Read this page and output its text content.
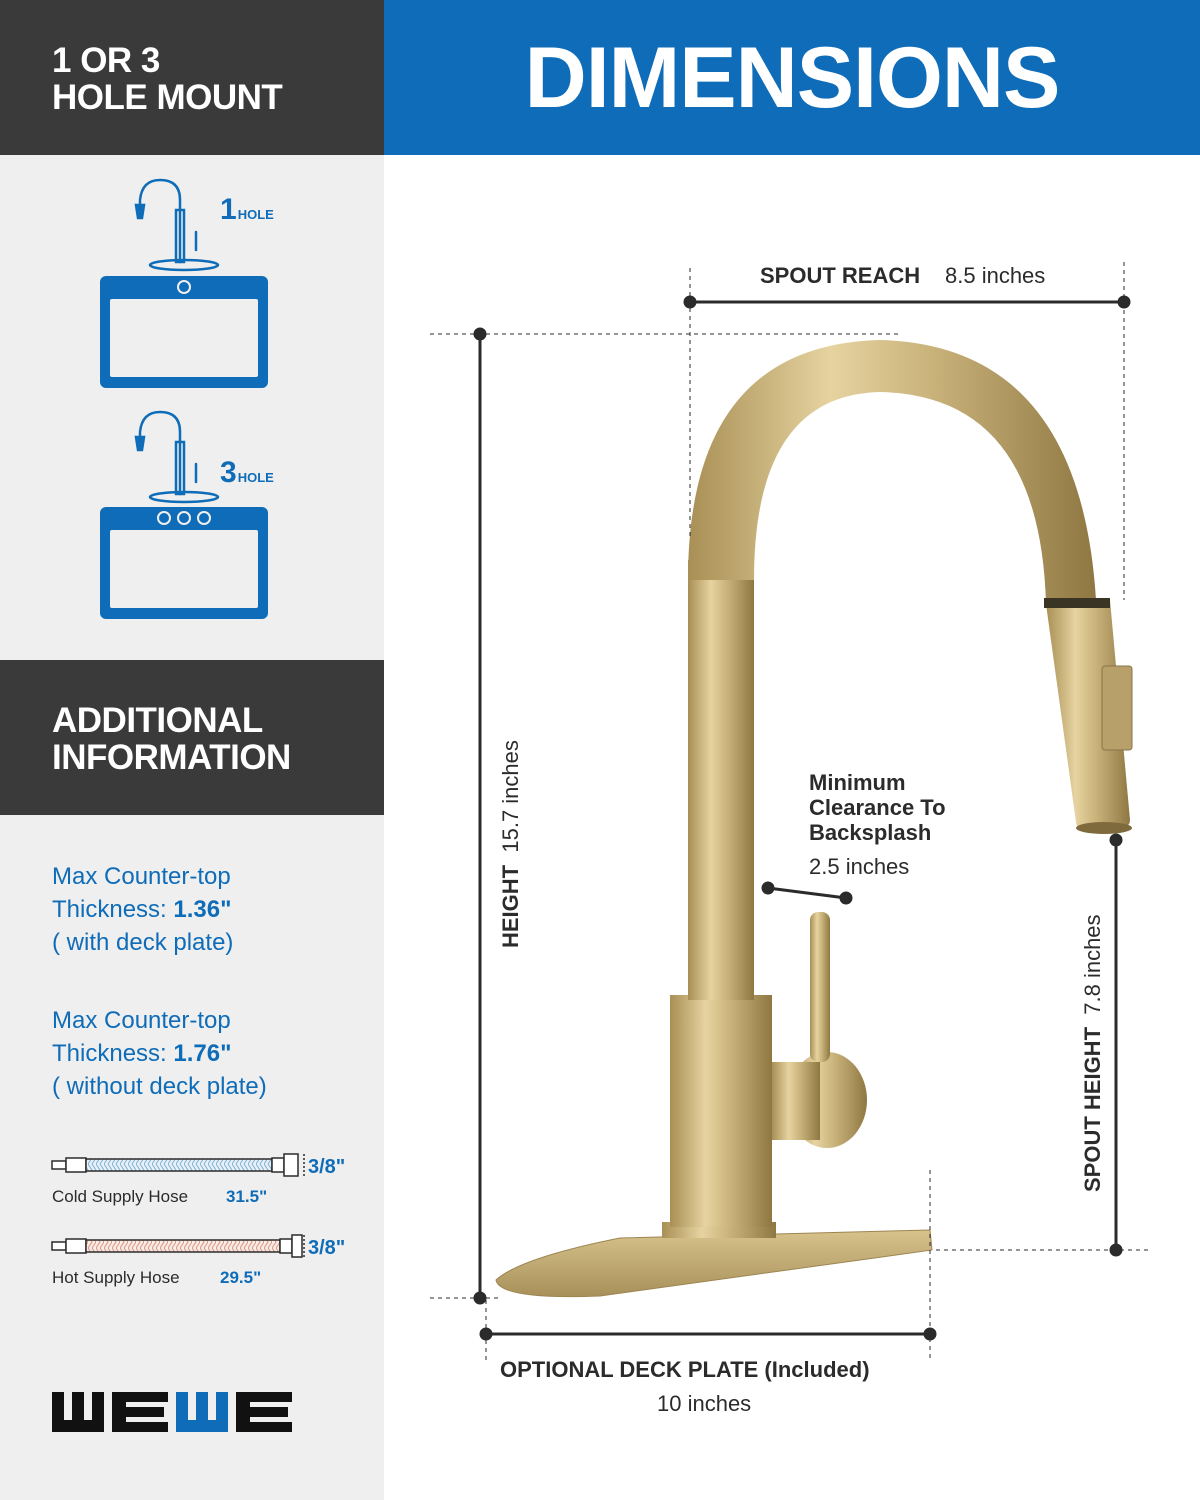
1 OR 3
HOLE MOUNT
1 HOLE
3 HOLE
ADDITIONAL
INFORMATION
Max Counter-top
Thickness: 1.36"
( with deck plate)
Max Counter-top
Thickness: 1.76"
( without deck plate)
3/8"
Cold Supply Hose 31.5"
3/8"
Hot Supply Hose 29.5"
DIMENSIONS
SPOUT REACH 8.5 inches
HEIGHT  15.7 inches
SPOUT HEIGHT  7.8 inches
Minimum
Clearance To
Backsplash
2.5 inches
OPTIONAL DECK PLATE (Included)
10 inches
